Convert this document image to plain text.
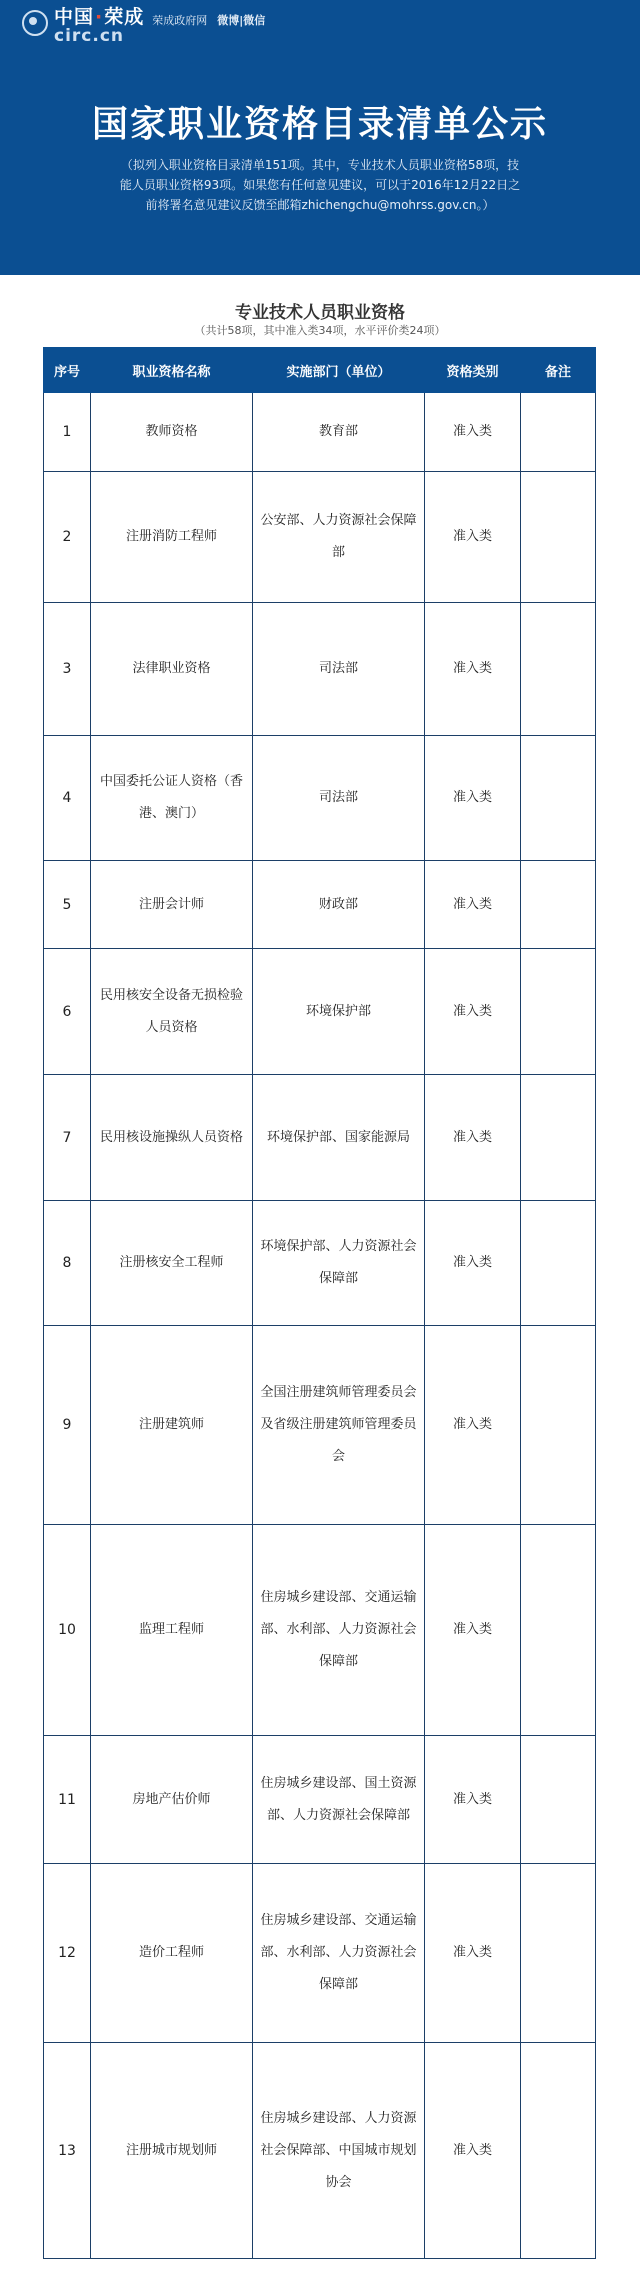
中国·荣成
circ.cn
荣成政府网 微博|微信
国家职业资格目录清单公示
（拟列入职业资格目录清单151项。其中，专业技术人员职业资格58项，技能人员职业资格93项。如果您有任何意见建议，可以于2016年12月22日之前将署名意见建议反馈至邮箱zhichengchu@mohrss.gov.cn。）
专业技术人员职业资格
（共计58项，其中准入类34项，水平评价类24项）
序号	职业资格名称	实施部门（单位）	资格类别	备注
1	教师资格	教育部	准入类	
2	注册消防工程师	公安部、人力资源社会保障部	准入类	
3	法律职业资格	司法部	准入类	
4	中国委托公证人资格（香港、澳门）	司法部	准入类	
5	注册会计师	财政部	准入类	
6	民用核安全设备无损检验人员资格	环境保护部	准入类	
7	民用核设施操纵人员资格	环境保护部、国家能源局	准入类	
8	注册核安全工程师	环境保护部、人力资源社会保障部	准入类	
9	注册建筑师	全国注册建筑师管理委员会及省级注册建筑师管理委员会	准入类	
10	监理工程师	住房城乡建设部、交通运输部、水利部、人力资源社会保障部	准入类	
11	房地产估价师	住房城乡建设部、国土资源部、人力资源社会保障部	准入类	
12	造价工程师	住房城乡建设部、交通运输部、水利部、人力资源社会保障部	准入类	
13	注册城市规划师	住房城乡建设部、人力资源社会保障部、中国城市规划协会	准入类	
